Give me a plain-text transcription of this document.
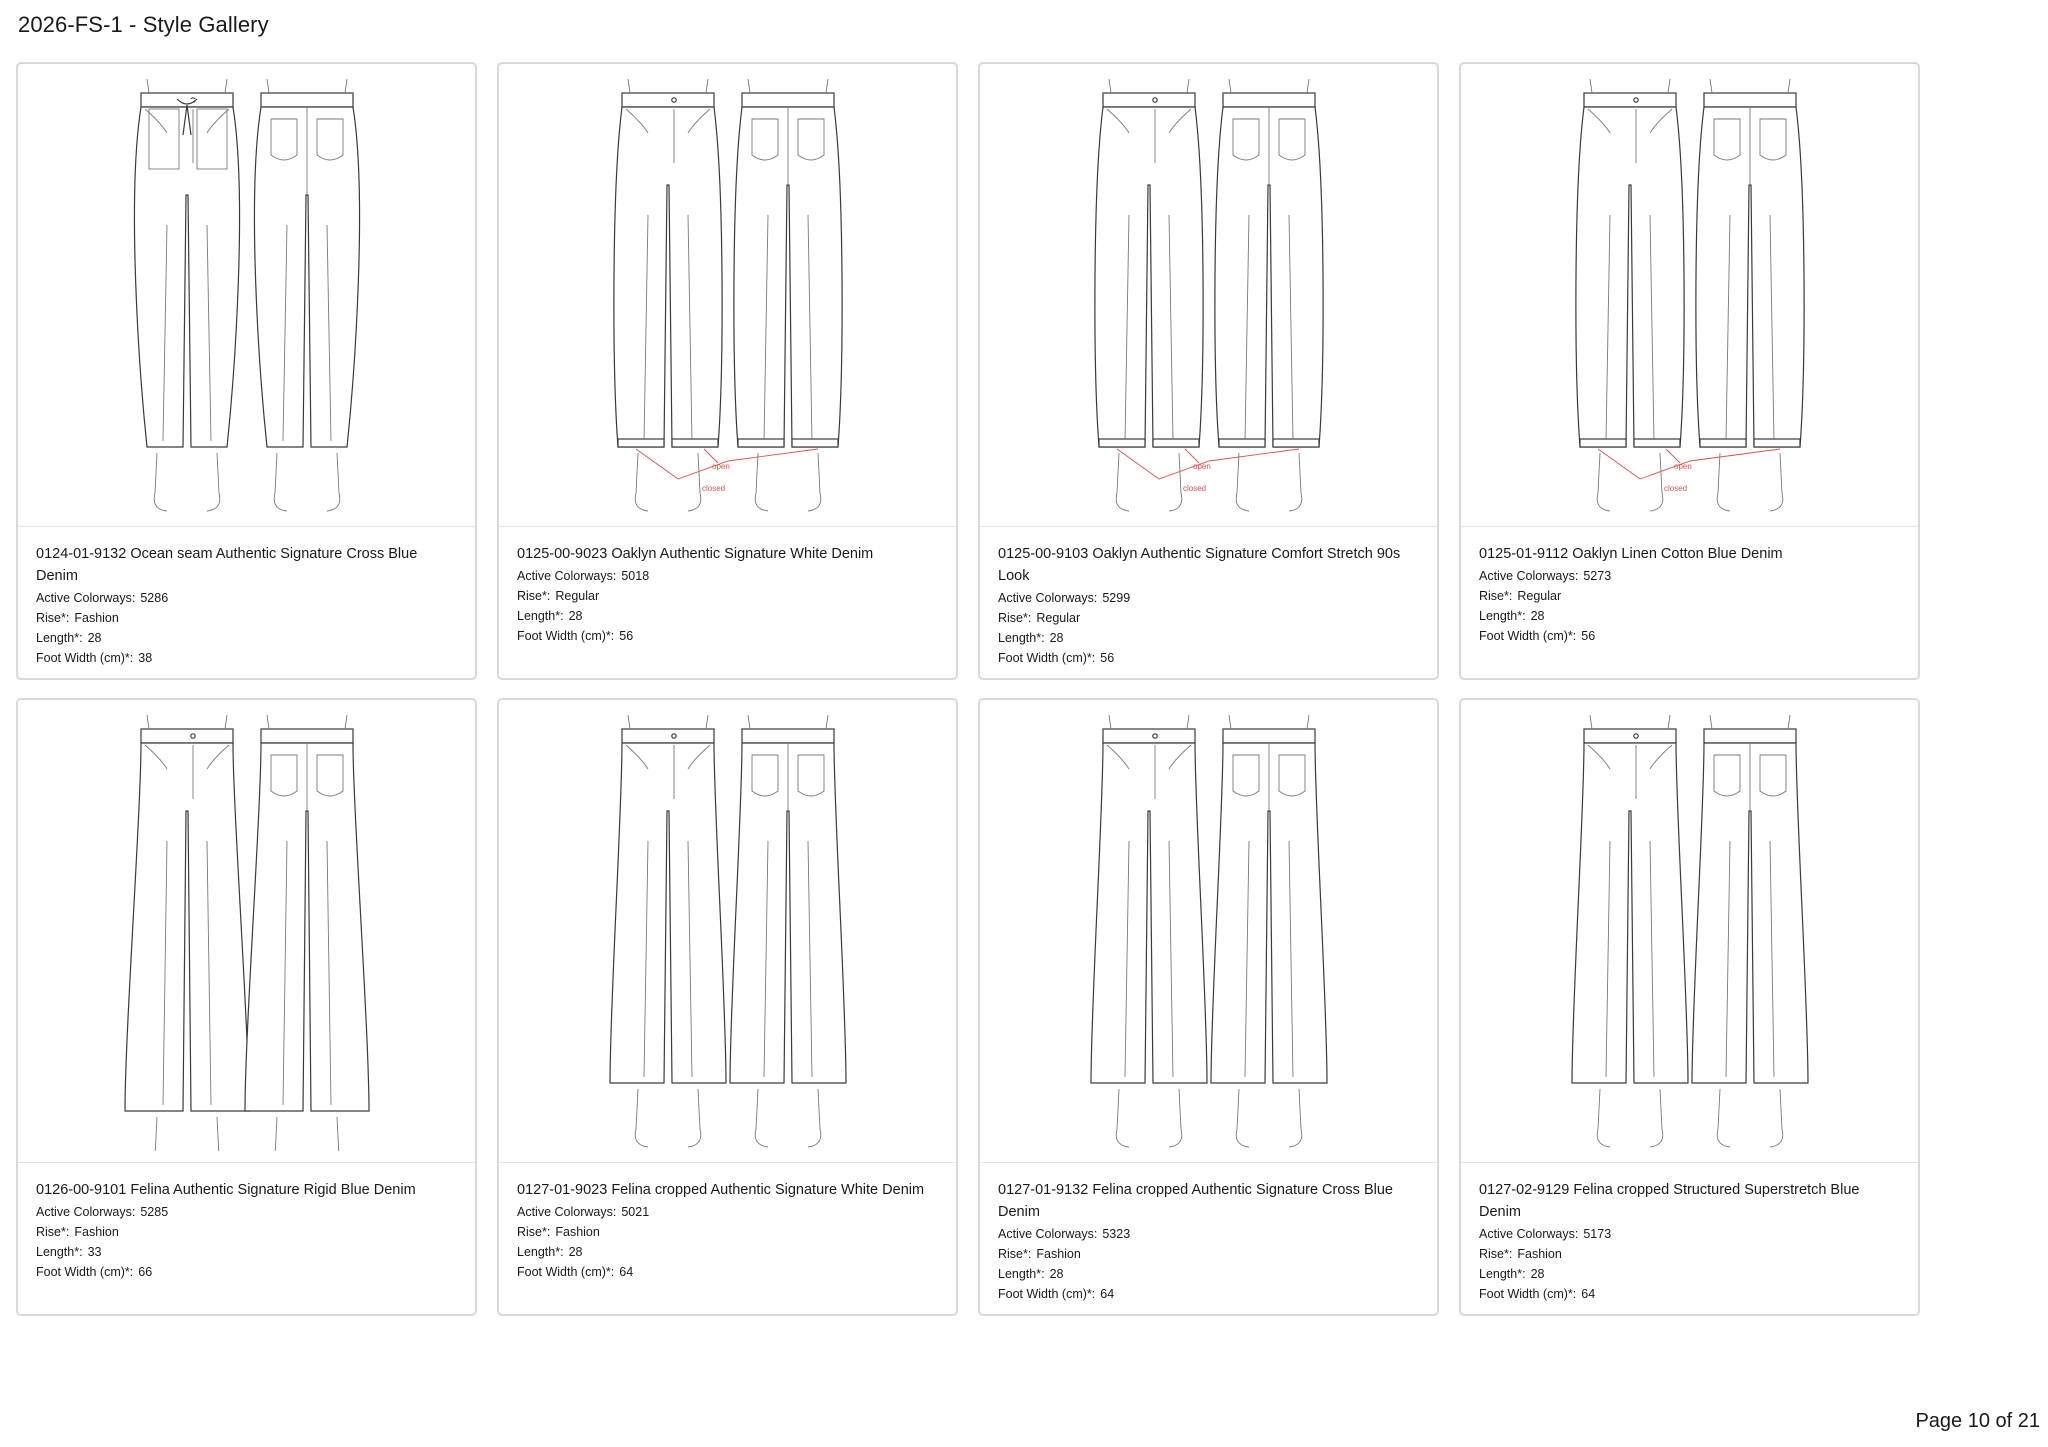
2026-FS-1 - Style Gallery
0124-01-9132 Ocean seam Authentic Signature Cross Blue Denim
Active Colorways : 5286
Rise* : Fashion
Length* : 28
Foot Width (cm)* : 38
open
closed
0125-00-9023 Oaklyn Authentic Signature White Denim
Active Colorways : 5018
Rise* : Regular
Length* : 28
Foot Width (cm)* : 56
open
closed
0125-00-9103 Oaklyn Authentic Signature Comfort Stretch 90s Look
Active Colorways : 5299
Rise* : Regular
Length* : 28
Foot Width (cm)* : 56
open
closed
0125-01-9112 Oaklyn Linen Cotton Blue Denim
Active Colorways : 5273
Rise* : Regular
Length* : 28
Foot Width (cm)* : 56
0126-00-9101 Felina Authentic Signature Rigid Blue Denim
Active Colorways : 5285
Rise* : Fashion
Length* : 33
Foot Width (cm)* : 66
0127-01-9023 Felina cropped Authentic Signature White Denim
Active Colorways : 5021
Rise* : Fashion
Length* : 28
Foot Width (cm)* : 64
0127-01-9132 Felina cropped Authentic Signature Cross Blue Denim
Active Colorways : 5323
Rise* : Fashion
Length* : 28
Foot Width (cm)* : 64
0127-02-9129 Felina cropped Structured Superstretch Blue Denim
Active Colorways : 5173
Rise* : Fashion
Length* : 28
Foot Width (cm)* : 64
Page 10 of 21
